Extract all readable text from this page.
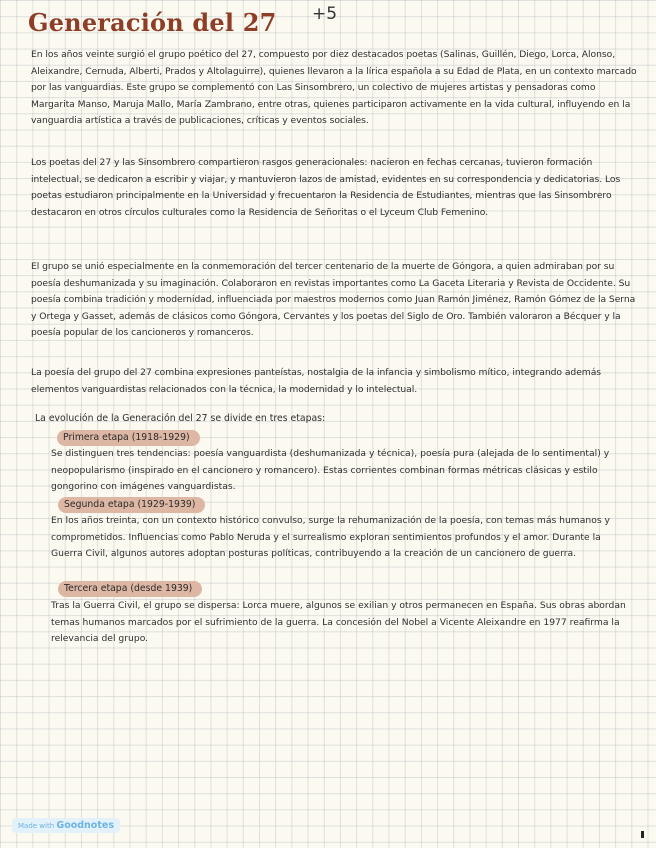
Generación del 27 +5

En los años veinte surgió el grupo poético del 27, compuesto por diez destacados poetas (Salinas, Guillén, Diego, Lorca, Alonso, Aleixandre, Cernuda, Alberti, Prados y Altolaguirre), quienes llevaron a la lírica española a su Edad de Plata, en un contexto marcado por las vanguardias. Este grupo se complementó con Las Sinsombrero, un colectivo de mujeres artistas y pensadoras como Margarita Manso, Maruja Mallo, María Zambrano, entre otras, quienes participaron activamente en la vida cultural, influyendo en la vanguardia artística a través de publicaciones, críticas y eventos sociales.

Los poetas del 27 y las Sinsombrero compartieron rasgos generacionales: nacieron en fechas cercanas, tuvieron formación intelectual, se dedicaron a escribir y viajar, y mantuvieron lazos de amistad, evidentes en su correspondencia y dedicatorias. Los poetas estudiaron principalmente en la Universidad y frecuentaron la Residencia de Estudiantes, mientras que las Sinsombrero destacaron en otros círculos culturales como la Residencia de Señoritas o el Lyceum Club Femenino.

El grupo se unió especialmente en la conmemoración del tercer centenario de la muerte de Góngora, a quien admiraban por su poesía deshumanizada y su imaginación. Colaboraron en revistas importantes como La Gaceta Literaria y Revista de Occidente. Su poesía combina tradición y modernidad, influenciada por maestros modernos como Juan Ramón Jiménez, Ramón Gómez de la Serna y Ortega y Gasset, además de clásicos como Góngora, Cervantes y los poetas del Siglo de Oro. También valoraron a Bécquer y la poesía popular de los cancioneros y romanceros.

La poesía del grupo del 27 combina expresiones panteístas, nostalgia de la infancia y simbolismo mítico, integrando además elementos vanguardistas relacionados con la técnica, la modernidad y lo intelectual.

La evolución de la Generación del 27 se divide en tres etapas:

Primera etapa (1918-1929)

Se distinguen tres tendencias: poesía vanguardista (deshumanizada y técnica), poesía pura (alejada de lo sentimental) y neopopularismo (inspirado en el cancionero y romancero). Estas corrientes combinan formas métricas clásicas y estilo gongorino con imágenes vanguardistas.

Segunda etapa (1929-1939)

En los años treinta, con un contexto histórico convulso, surge la rehumanización de la poesía, con temas más humanos y comprometidos. Influencias como Pablo Neruda y el surrealismo exploran sentimientos profundos y el amor. Durante la Guerra Civil, algunos autores adoptan posturas políticas, contribuyendo a la creación de un cancionero de guerra.

Tercera etapa (desde 1939)

Tras la Guerra Civil, el grupo se dispersa: Lorca muere, algunos se exilian y otros permanecen en España. Sus obras abordan temas humanos marcados por el sufrimiento de la guerra. La concesión del Nobel a Vicente Aleixandre en 1977 reafirma la relevancia del grupo.

Made with Goodnotes
